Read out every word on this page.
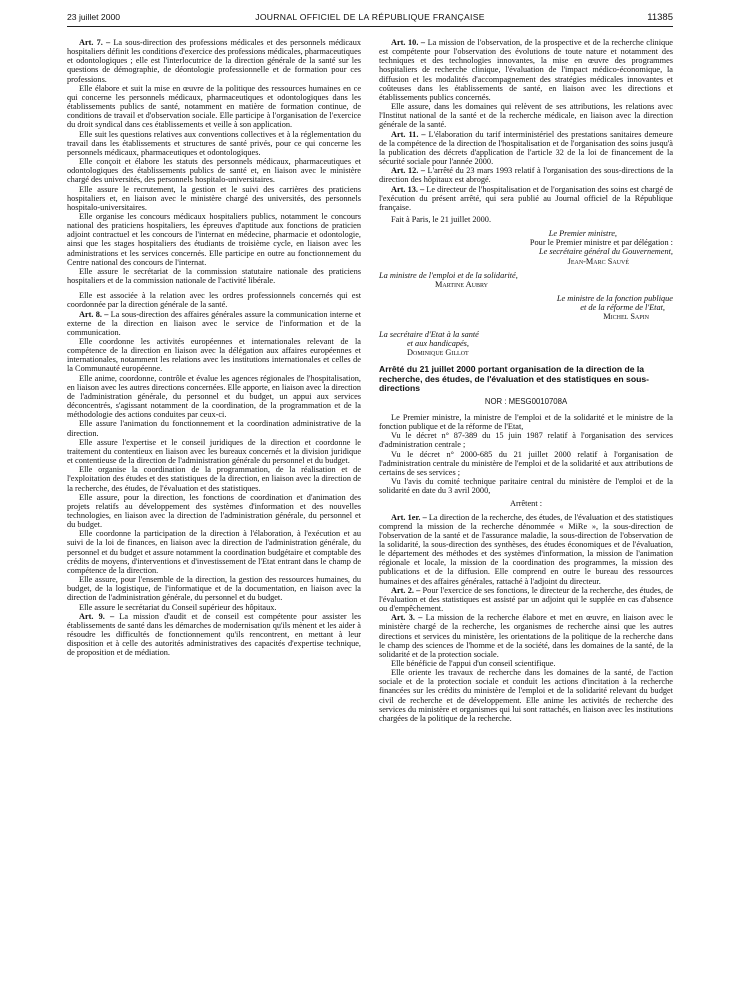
23 juillet 2000	JOURNAL OFFICIEL DE LA RÉPUBLIQUE FRANÇAISE	11385

Art. 7. – La sous-direction des professions médicales et des personnels médicaux hospitaliers définit les conditions d'exercice des professions médicales, pharmaceutiques et odontologiques ; elle est l'interlocutrice de la direction générale de la santé sur les questions de démographie, de déontologie professionnelle et de formation pour ces professions.

Elle élabore et suit la mise en œuvre de la politique des ressources humaines en ce qui concerne les personnels médicaux, pharmaceutiques et odontologiques dans les établissements publics de santé, notamment en matière de formation continue, de conditions de travail et d'observation sociale. Elle participe à l'organisation de l'exercice du droit syndical dans ces établissements et veille à son application.

Elle suit les questions relatives aux conventions collectives et à la réglementation du travail dans les établissements et structures de santé privés, pour ce qui concerne les personnels médicaux, pharmaceutiques et odontologiques.

Elle conçoit et élabore les statuts des personnels médicaux, pharmaceutiques et odontologiques des établissements publics de santé et, en liaison avec le ministère chargé des universités, des personnels hospitalo-universitaires.

Elle assure le recrutement, la gestion et le suivi des carrières des praticiens hospitaliers et, en liaison avec le ministère chargé des universités, des personnels hospitalo-universitaires.

Elle organise les concours médicaux hospitaliers publics, notamment le concours national des praticiens hospitaliers, les épreuves d'aptitude aux fonctions de praticien adjoint contractuel et les concours de l'internat en médecine, pharmacie et odontologie, ainsi que les stages hospitaliers des étudiants de troisième cycle, en liaison avec les administrations et les services concernés. Elle participe en outre au fonctionnement du Centre national des concours de l'internat.

Elle assure le secrétariat de la commission statutaire nationale des praticiens hospitaliers et de la commission nationale de l'activité libérale.

Elle est associée à la relation avec les ordres professionnels concernés qui est coordonnée par la direction générale de la santé.

Art. 8. – La sous-direction des affaires générales assure la communication interne et externe de la direction en liaison avec le service de l'information et de la communication.

Elle coordonne les activités européennes et internationales relevant de la compétence de la direction en liaison avec la délégation aux affaires européennes et internationales, notamment les relations avec les institutions internationales et celles de la Communauté européenne.

Elle anime, coordonne, contrôle et évalue les agences régionales de l'hospitalisation, en liaison avec les autres directions concernées. Elle apporte, en liaison avec la direction de l'administration générale, du personnel et du budget, un appui aux services déconcentrés, s'agissant notamment de la coordination, de la programmation et de la méthodologie des actions conduites par ceux-ci.

Elle assure l'animation du fonctionnement et la coordination administrative de la direction.

Elle assure l'expertise et le conseil juridiques de la direction et coordonne le traitement du contentieux en liaison avec les bureaux concernés et la division juridique et contentieuse de la direction de l'administration générale du personnel et du budget.

Elle organise la coordination de la programmation, de la réalisation et de l'exploitation des études et des statistiques de la direction, en liaison avec la direction de la recherche, des études, de l'évaluation et des statistiques.

Elle assure, pour la direction, les fonctions de coordination et d'animation des projets relatifs au développement des systèmes d'information et des nouvelles technologies, en liaison avec la direction de l'administration générale, du personnel et du budget.

Elle coordonne la participation de la direction à l'élaboration, à l'exécution et au suivi de la loi de finances, en liaison avec la direction de l'administration générale, du personnel et du budget et assure notamment la coordination budgétaire et comptable des crédits de moyens, d'interventions et d'investissement de l'Etat entrant dans le champ de compétence de la direction.

Elle assure, pour l'ensemble de la direction, la gestion des ressources humaines, du budget, de la logistique, de l'informatique et de la documentation, en liaison avec la direction de l'administration générale, du personnel et du budget.

Elle assure le secrétariat du Conseil supérieur des hôpitaux.

Art. 9. – La mission d'audit et de conseil est compétente pour assister les établissements de santé dans les démarches de modernisation qu'ils mènent et les aider à résoudre les difficultés de fonctionnement qu'ils rencontrent, en mettant à leur disposition et à celle des autorités administratives des capacités d'expertise technique, de proposition et de médiation.

Art. 10. – La mission de l'observation, de la prospective et de la recherche clinique est compétente pour l'observation des évolutions de toute nature et notamment des techniques et des technologies innovantes, la mise en œuvre des programmes hospitaliers de recherche clinique, l'évaluation de l'impact médico-économique, la diffusion et les modalités d'accompagnement des stratégies médicales innovantes et coûteuses dans les établissements de santé, en liaison avec les directions et établissements publics concernés.

Elle assure, dans les domaines qui relèvent de ses attributions, les relations avec l'Institut national de la santé et de la recherche médicale, en liaison avec la direction générale de la santé.

Art. 11. – L'élaboration du tarif interministériel des prestations sanitaires demeure de la compétence de la direction de l'hospitalisation et de l'organisation des soins jusqu'à la publication des décrets d'application de l'article 32 de la loi de financement de la sécurité sociale pour l'année 2000.

Art. 12. – L'arrêté du 23 mars 1993 relatif à l'organisation des sous-directions de la direction des hôpitaux est abrogé.

Art. 13. – Le directeur de l'hospitalisation et de l'organisation des soins est chargé de l'exécution du présent arrêté, qui sera publié au Journal officiel de la République française.

Fait à Paris, le 21 juillet 2000.

Le Premier ministre,

Pour le Premier ministre et par délégation :

Le secrétaire général du Gouvernement,

Jean-Marc Sauvé

La ministre de l'emploi et de la solidarité,

Martine Aubry

Le ministre de la fonction publique

et de la réforme de l'Etat,

Michel Sapin

La secrétaire d'Etat à la santé

et aux handicapés,

Dominique Gillot

Arrêté du 21 juillet 2000 portant organisation de la direction de la recherche, des études, de l'évaluation et des statistiques en sous-directions

NOR : MESG0010708A

Le Premier ministre, la ministre de l'emploi et de la solidarité et le ministre de la fonction publique et de la réforme de l'Etat,

Vu le décret n° 87-389 du 15 juin 1987 relatif à l'organisation des services d'administration centrale ;

Vu le décret n° 2000-685 du 21 juillet 2000 relatif à l'organisation de l'administration centrale du ministère de l'emploi et de la solidarité et aux attributions de certains de ses services ;

Vu l'avis du comité technique paritaire central du ministère de l'emploi et de la solidarité en date du 3 avril 2000,

Arrêtent :

Art. 1er. – La direction de la recherche, des études, de l'évaluation et des statistiques comprend la mission de la recherche dénommée « MiRe », la sous-direction de l'observation de la santé et de l'assurance maladie, la sous-direction de l'observation de la solidarité, la sous-direction des synthèses, des études économiques et de l'évaluation, le département des méthodes et des systèmes d'information, la mission de l'animation régionale et locale, la mission de la coordination des programmes, la mission des publications et de la diffusion. Elle comprend en outre le bureau des ressources humaines et des affaires générales, rattaché à l'adjoint du directeur.

Art. 2. – Pour l'exercice de ses fonctions, le directeur de la recherche, des études, de l'évaluation et des statistiques est assisté par un adjoint qui le supplée en cas d'absence ou d'empêchement.

Art. 3. – La mission de la recherche élabore et met en œuvre, en liaison avec le ministère chargé de la recherche, les organismes de recherche ainsi que les autres directions et services du ministère, les orientations de la politique de la recherche dans le champ des sciences de l'homme et de la société, dans les domaines de la santé, de la solidarité et de la protection sociale.

Elle bénéficie de l'appui d'un conseil scientifique.

Elle oriente les travaux de recherche dans les domaines de la santé, de l'action sociale et de la protection sociale et conduit les actions d'incitation à la recherche financées sur les crédits du ministère de l'emploi et de la solidarité relevant du budget civil de recherche et de développement. Elle anime les activités de recherche des services du ministère et organismes qui lui sont rattachés, en liaison avec les institutions chargées de la politique de la recherche.
